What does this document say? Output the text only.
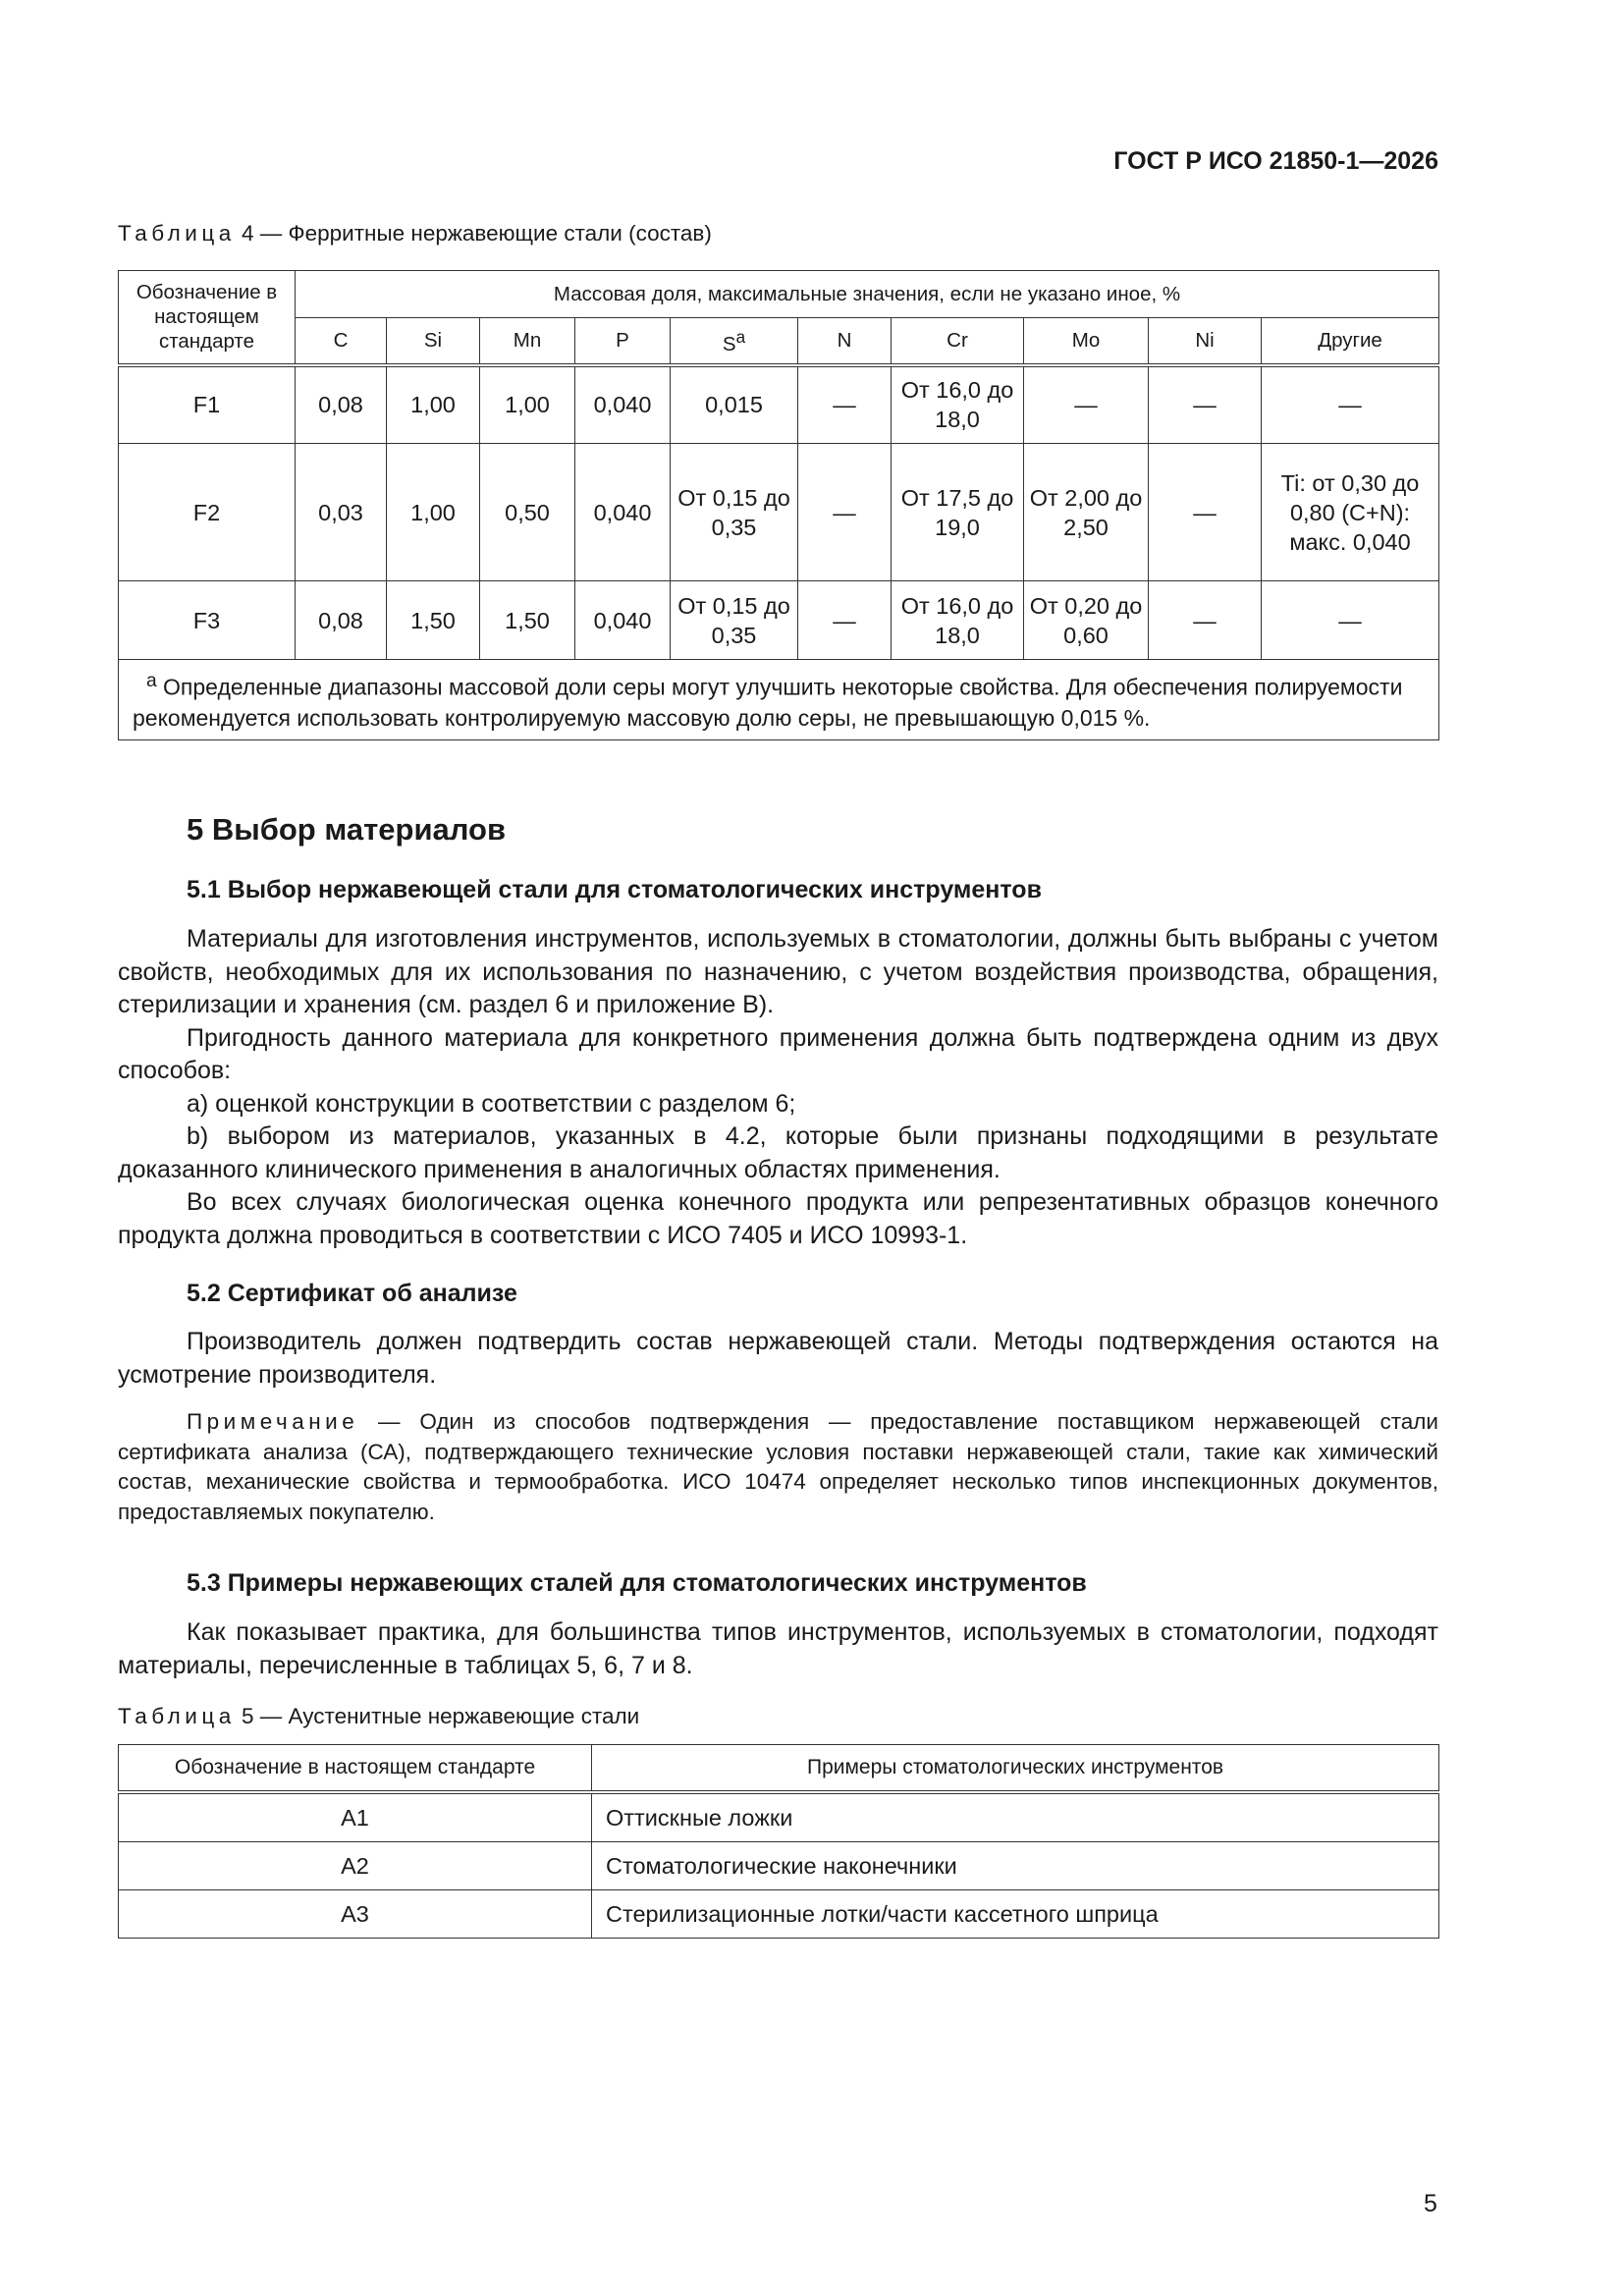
ГОСТ Р ИСО 21850-1—2026
Таблица 4 — Ферритные нержавеющие стали (состав)
Обозначение в настоящем стандарте	Массовая доля, максимальные значения, если не указано иное, %									
	C	Si	Mn	P	$S^а$	N	Cr	Mo	Ni	Другие
F1	0,08	1,00	1,00	0,040	0,015	—	От 16,0 до 18,0	—	—	—
F2	0,03	1,00	0,50	0,040	От 0,15 до 0,35	—	От 17,5 до 19,0	От 2,00 до 2,50	—	Ti: от 0,30 до 0,80 (C+N): макс. 0,040
F3	0,08	1,50	1,50	0,040	От 0,15 до 0,35	—	От 16,0 до 18,0	От 0,20 до 0,60	—	—
$^а$ Определенные диапазоны массовой доли серы могут улучшить некоторые свойства. Для обеспечения полируемости рекомендуется использовать контролируемую массовую долю серы, не превышающую 0,015 %.										
5 Выбор материалов
5.1 Выбор нержавеющей стали для стоматологических инструментов

Материалы для изготовления инструментов, используемых в стоматологии, должны быть выбраны с учетом свойств, необходимых для их использования по назначению, с учетом воздействия производства, обращения, стерилизации и хранения (см. раздел 6 и приложение В).

Пригодность данного материала для конкретного применения должна быть подтверждена одним из двух способов:

a) оценкой конструкции в соответствии с разделом 6;

b) выбором из материалов, указанных в 4.2, которые были признаны подходящими в результате доказанного клинического применения в аналогичных областях применения.

Во всех случаях биологическая оценка конечного продукта или репрезентативных образцов конечного продукта должна проводиться в соответствии с ИСО 7405 и ИСО 10993-1.

5.2 Сертификат об анализе

Производитель должен подтвердить состав нержавеющей стали. Методы подтверждения остаются на усмотрение производителя.

Примечание — Один из способов подтверждения — предоставление поставщиком нержавеющей стали сертификата анализа (СА), подтверждающего технические условия поставки нержавеющей стали, такие как химический состав, механические свойства и термообработка. ИСО 10474 определяет несколько типов инспекционных документов, предоставляемых покупателю.
5.3 Примеры нержавеющих сталей для стоматологических инструментов

Как показывает практика, для большинства типов инструментов, используемых в стоматологии, подходят материалы, перечисленные в таблицах 5, 6, 7 и 8.

Таблица 5 — Аустенитные нержавеющие стали
Обозначение в настоящем стандарте	Примеры стоматологических инструментов
A1	Оттискные ложки
A2	Стоматологические наконечники
A3	Стерилизационные лотки/части кассетного шприца
5
